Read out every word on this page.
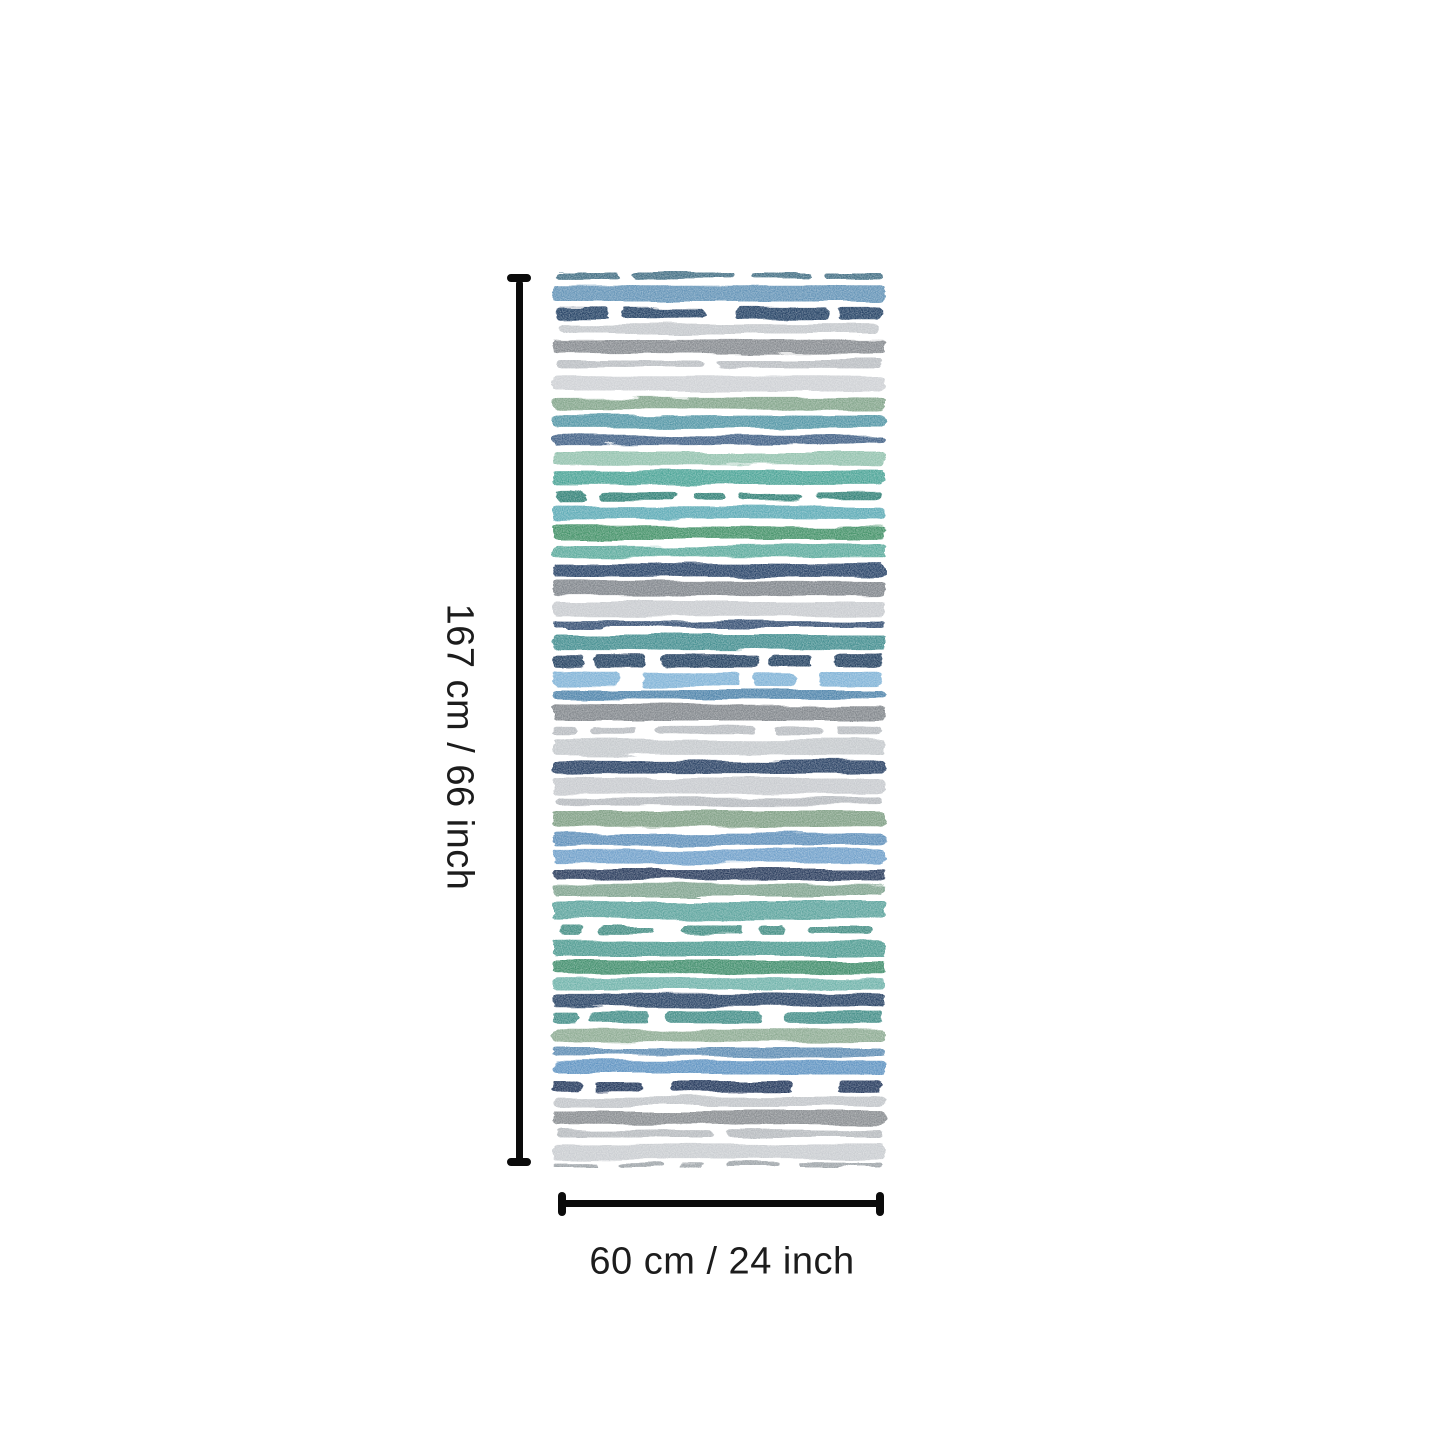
167 cm / 66 inch
60 cm / 24 inch
